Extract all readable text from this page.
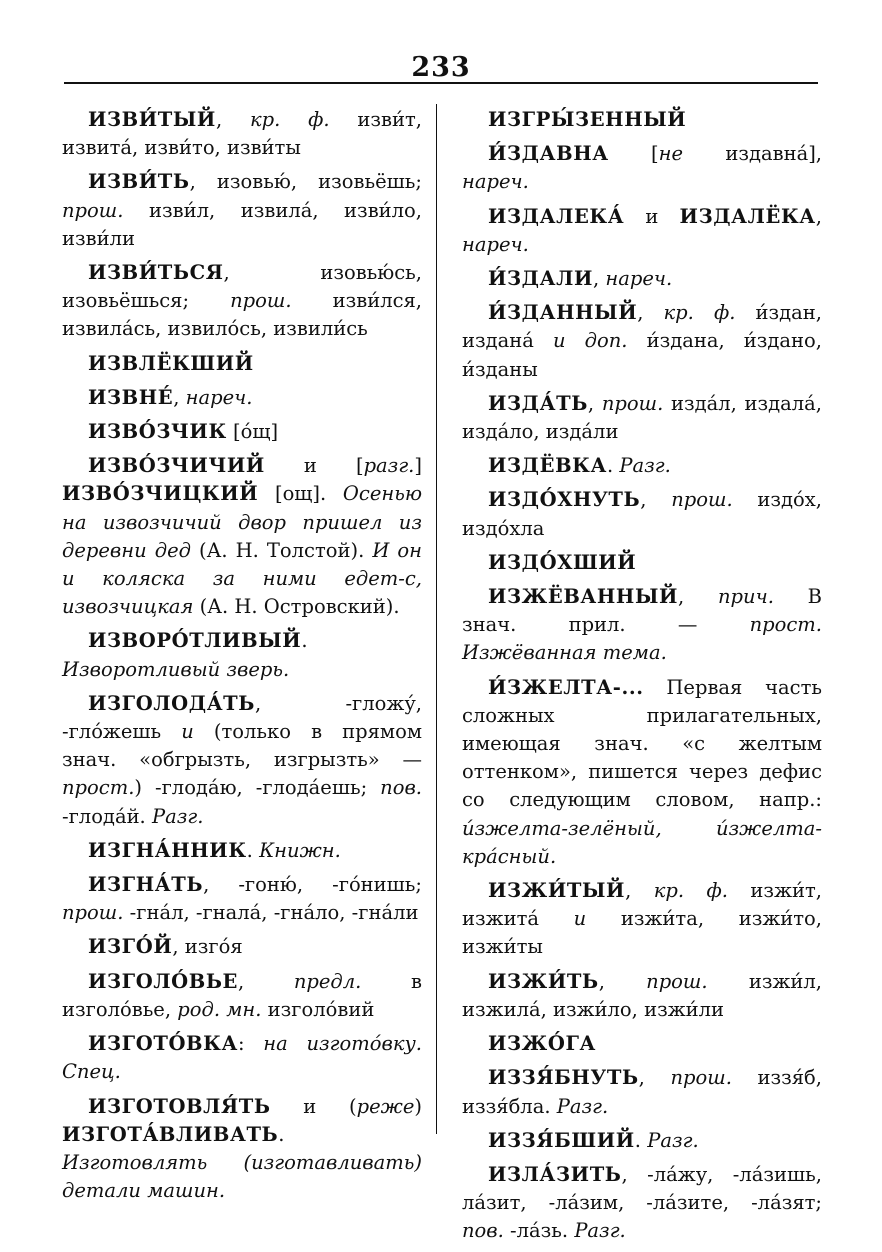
233

ИЗВИ́ТЫЙ, кр. ф. изви́т, извита́, изви́то, изви́ты

ИЗВИ́ТЬ, изовью́, изовьёшь; прош. изви́л, извила́, изви́ло, изви́ли

ИЗВИ́ТЬСЯ, изовью́сь, изовьёшься; прош. изви́лся, извила́сь, извило́сь, извили́сь

ИЗВЛЁКШИЙ

ИЗВНЕ́, нареч.

ИЗВО́ЗЧИК [о́щ]

ИЗВО́ЗЧИЧИЙ и [разг.] ИЗВО́ЗЧИЦКИЙ [ощ]. Осенью на извозчичий двор пришел из деревни дед (А. Н. Толстой). И он и коляска за ними едет-с, извозчицкая (А. Н. Островский).

ИЗВОРО́ТЛИВЫЙ. Изворотливый зверь.

ИЗГОЛОДА́ТЬ, -гложу́, -гло́жешь и (только в прямом знач. «обгрызть, изгрызть» — прост.) -глода́ю, -глода́ешь; пов. -глода́й. Разг.

ИЗГНА́ННИК. Книжн.

ИЗГНА́ТЬ, -гоню́, -го́нишь; прош. -гна́л, -гнала́, -гна́ло, -гна́ли

ИЗГО́Й, изго́я

ИЗГОЛО́ВЬЕ, предл. в изголо́вье, род. мн. изголо́вий

ИЗГОТО́ВКА: на изгото́вку. Спец.

ИЗГОТОВЛЯ́ТЬ и (реже) ИЗГОТА́ВЛИВАТЬ. Изготовлять (изготавливать) детали машин.

ИЗГРЫ́ЗЕННЫЙ

И́ЗДАВНА [не издавна́], нареч.

ИЗДАЛЕКА́ и ИЗДАЛЁКА, нареч.

И́ЗДАЛИ, нареч.

И́ЗДАННЫЙ, кр. ф. и́здан, издана́ и доп. и́здана, и́здано, и́зданы

ИЗДА́ТЬ, прош. изда́л, издала́, изда́ло, изда́ли

ИЗДЁВКА. Разг.

ИЗДО́ХНУТЬ, прош. издо́х, издо́хла

ИЗДО́ХШИЙ

ИЗЖЁВАННЫЙ, прич. В знач. прил. — прост. Изжёванная тема.

И́ЗЖЕЛТА-... Первая часть сложных прилагательных, имеющая знач. «с желтым оттенком», пишется через дефис со следующим словом, напр.: и́зжелта-зелёный, и́зжелта-кра́сный.

ИЗЖИ́ТЫЙ, кр. ф. изжи́т, изжита́ и изжи́та, изжи́то, изжи́ты

ИЗЖИ́ТЬ, прош. изжи́л, изжила́, изжи́ло, изжи́ли

ИЗЖО́ГА

ИЗЗЯ́БНУТЬ, прош. иззя́б, иззя́бла. Разг.

ИЗЗЯ́БШИЙ. Разг.

ИЗЛА́ЗИТЬ, -ла́жу, -ла́зишь, ла́зит, -ла́зим, -ла́зите, -ла́зят; пов. -ла́зь. Разг.
